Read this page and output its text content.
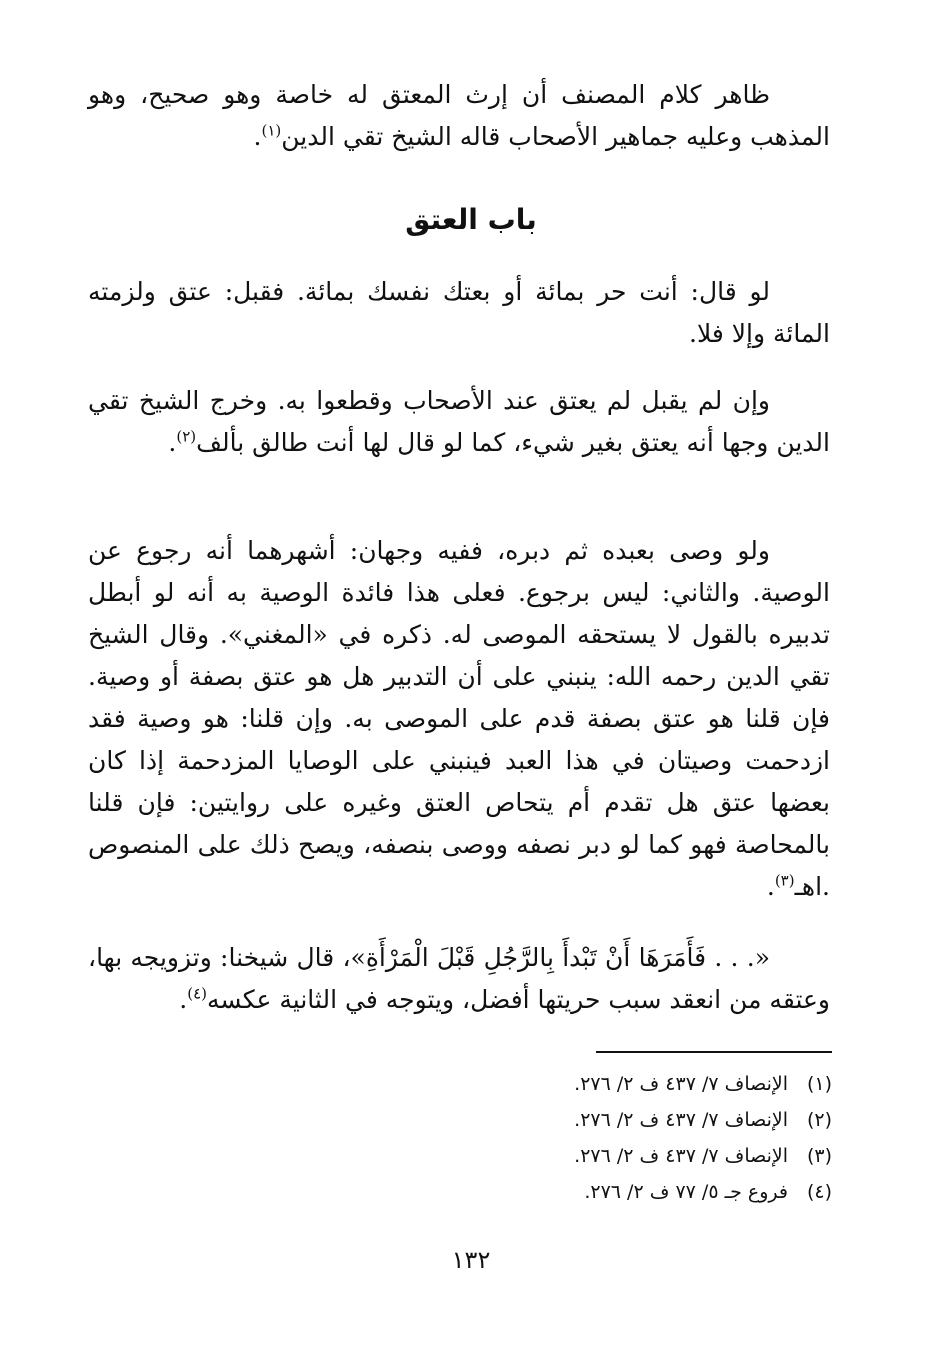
ظاهر كلام المصنف أن إرث المعتق له خاصة وهو صحيح، وهو المذهب وعليه جماهير الأصحاب قاله الشيخ تقي الدين$^{(١)}$.
باب العتق
لو قال: أنت حر بمائة أو بعتك نفسك بمائة. فقبل: عتق ولزمته المائة وإلا فلا.
وإن لم يقبل لم يعتق عند الأصحاب وقطعوا به. وخرج الشيخ تقي الدين وجها أنه يعتق بغير شيء، كما لو قال لها أنت طالق بألف$^{(٢)}$.
ولو وصى بعبده ثم دبره، ففيه وجهان: أشهرهما أنه رجوع عن الوصية. والثاني: ليس برجوع. فعلى هذا فائدة الوصية به أنه لو أبطل تدبيره بالقول لا يستحقه الموصى له. ذكره في «المغني». وقال الشيخ تقي الدين رحمه الله: ينبني على أن التدبير هل هو عتق بصفة أو وصية. فإن قلنا هو عتق بصفة قدم على الموصى به. وإن قلنا: هو وصية فقد ازدحمت وصيتان في هذا العبد فينبني على الوصايا المزدحمة إذا كان بعضها عتق هل تقدم أم يتحاص العتق وغيره على روايتين: فإن قلنا بالمحاصة فهو كما لو دبر نصفه ووصى بنصفه، ويصح ذلك على المنصوص .اهـ$^{(٣)}$.
«. . . فَأَمَرَهَا أَنْ تَبْدأَ بِالرَّجُلِ قَبْلَ الْمَرْأَةِ»، قال شيخنا: وتزويجه بها، وعتقه من انعقد سبب حريتها أفضل، ويتوجه في الثانية عكسه$^{(٤)}$.
(١)الإنصاف ٧/ ٤٣٧ ف ٢/ ٢٧٦.
(٢)الإنصاف ٧/ ٤٣٧ ف ٢/ ٢٧٦.
(٣)الإنصاف ٧/ ٤٣٧ ف ٢/ ٢٧٦.
(٤)فروع جـ ٥/ ٧٧ ف ٢/ ٢٧٦.
١٣٢
